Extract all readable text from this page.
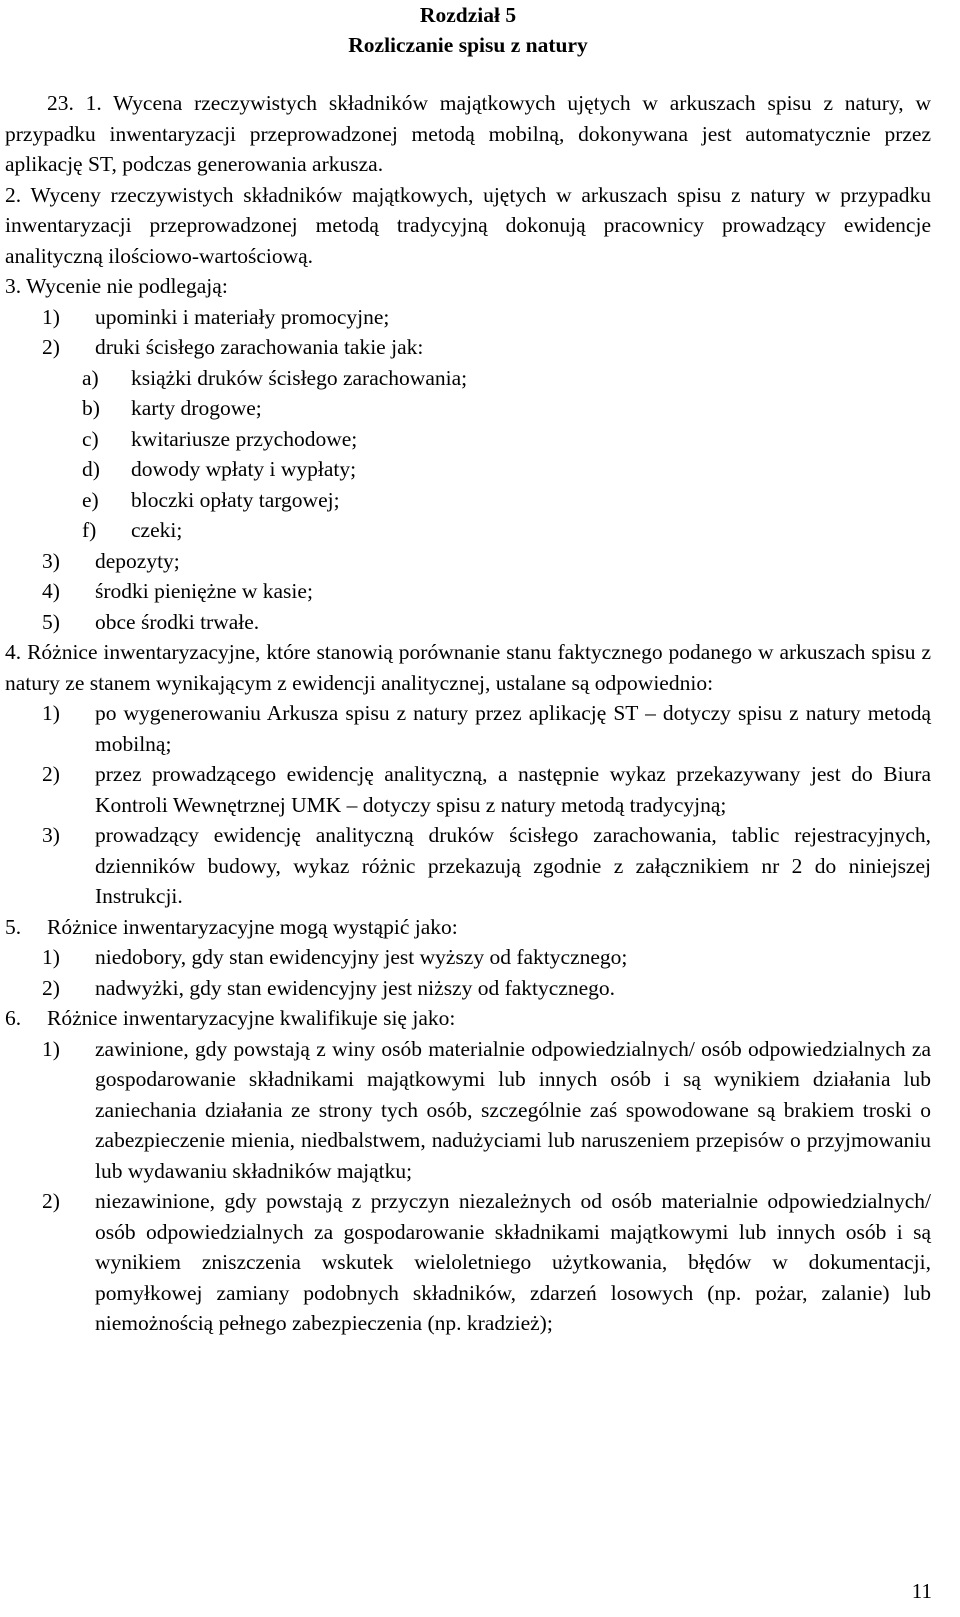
Rozdział 5
Rozliczanie spisu z natury

23. 1. Wycena rzeczywistych składników majątkowych ujętych w arkuszach spisu z natury, w przypadku inwentaryzacji przeprowadzonej metodą mobilną, dokonywana jest automatycznie przez aplikację ST, podczas generowania arkusza.

2. Wyceny rzeczywistych składników majątkowych, ujętych w arkuszach spisu z natury w przypadku inwentaryzacji przeprowadzonej metodą tradycyjną dokonują pracownicy prowadzący ewidencje analityczną ilościowo-wartościową.

3. Wycenie nie podlegają:
1) upominki i materiały promocyjne;
2) druki ścisłego zarachowania takie jak:
a) książki druków ścisłego zarachowania;
b) karty drogowe;
c) kwitariusze przychodowe;
d) dowody wpłaty i wypłaty;
e) bloczki opłaty targowej;
f) czeki;
3) depozyty;
4) środki pieniężne w kasie;
5) obce środki trwałe.
4. Różnice inwentaryzacyjne, które stanowią porównanie stanu faktycznego podanego w arkuszach spisu z natury ze stanem wynikającym z ewidencji analitycznej, ustalane są odpowiednio:
1) po wygenerowaniu Arkusza spisu z natury przez aplikację ST – dotyczy spisu z natury metodą mobilną;
2) przez prowadzącego ewidencję analityczną, a następnie wykaz przekazywany jest do Biura Kontroli Wewnętrznej UMK – dotyczy spisu z natury metodą tradycyjną;
3) prowadzący ewidencję analityczną druków ścisłego zarachowania, tablic rejestracyjnych, dzienników budowy, wykaz różnic przekazują zgodnie z załącznikiem nr 2 do niniejszej Instrukcji.
5. Różnice inwentaryzacyjne mogą wystąpić jako:
1) niedobory, gdy stan ewidencyjny jest wyższy od faktycznego;
2) nadwyżki, gdy stan ewidencyjny jest niższy od faktycznego.
6. Różnice inwentaryzacyjne kwalifikuje się jako:
1) zawinione, gdy powstają z winy osób materialnie odpowiedzialnych/ osób odpowiedzialnych za gospodarowanie składnikami majątkowymi lub innych osób i są wynikiem działania lub zaniechania działania ze strony tych osób, szczególnie zaś spowodowane są brakiem troski o zabezpieczenie mienia, niedbalstwem, nadużyciami lub naruszeniem przepisów o przyjmowaniu lub wydawaniu składników majątku;
2) niezawinione, gdy powstają z przyczyn niezależnych od osób materialnie odpowiedzialnych/ osób odpowiedzialnych za gospodarowanie składnikami majątkowymi lub innych osób i są wynikiem zniszczenia wskutek wieloletniego użytkowania, błędów w dokumentacji, pomyłkowej zamiany podobnych składników, zdarzeń losowych (np. pożar, zalanie) lub niemożnością pełnego zabezpieczenia (np. kradzież);
11
